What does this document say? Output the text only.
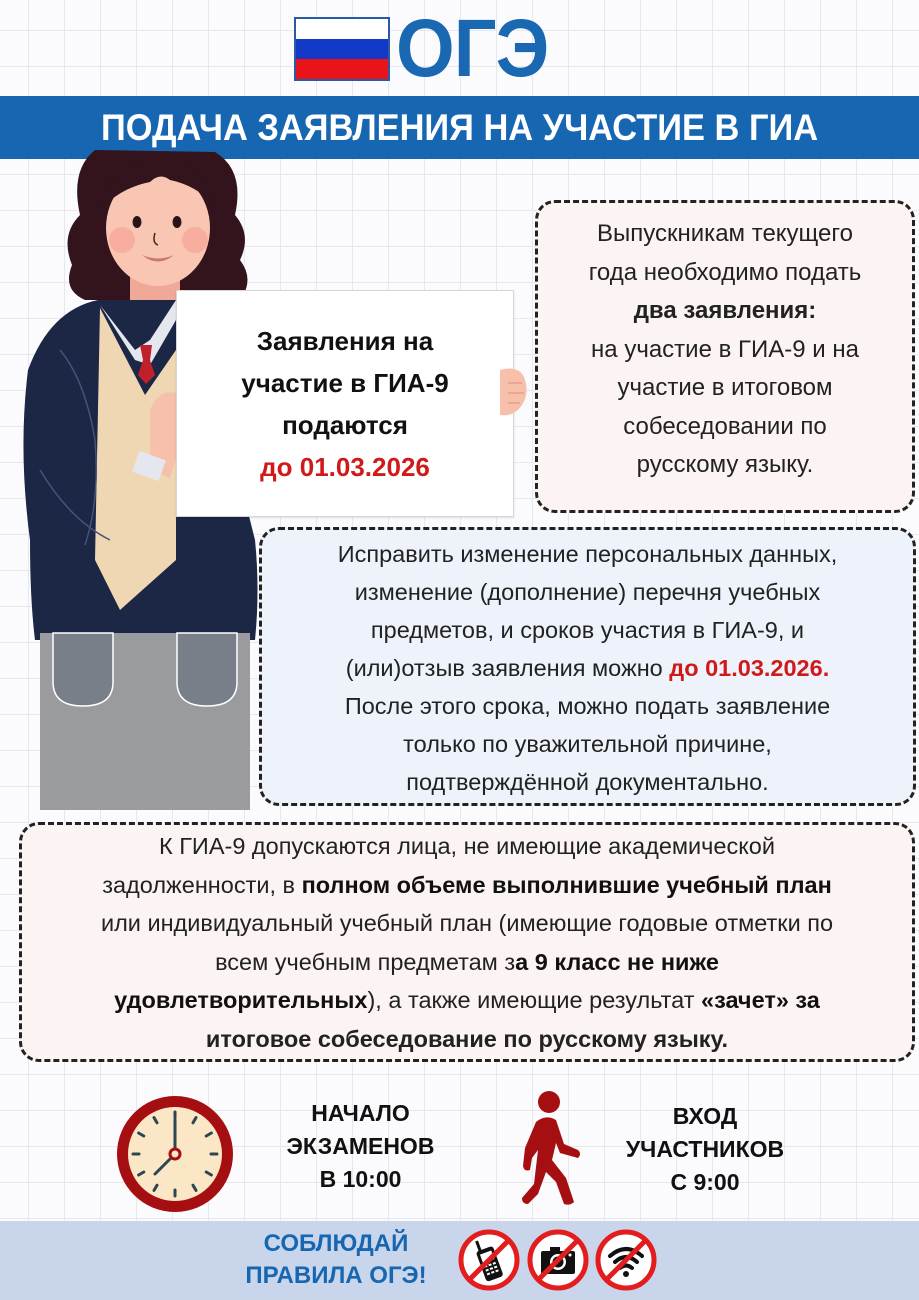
ОГЭ
ПОДАЧА ЗАЯВЛЕНИЯ НА УЧАСТИЕ В ГИА
Заявления на
участие в ГИА-9
подаются
до 01.03.2026

Выпускникам текущего

года необходимо подать

два заявления:

на участие в ГИА-9 и на

участие в итоговом

собеседовании по

русскому языку.

Исправить изменение персональных данных,

изменение (дополнение) перечня учебных

предметов, и сроков участия в ГИА-9, и

(или)отзыв заявления можно до 01.03.2026.

После этого срока, можно подать заявление

только по уважительной причине,

подтверждённой документально.

К ГИА-9 допускаются лица, не имеющие академической

задолженности, в полном объеме выполнившие учебный план

или индивидуальный учебный план (имеющие годовые отметки по

всем учебным предметам за 9 класс не ниже

удовлетворительных), а также имеющие результат «зачет» за

итоговое собеседование по русскому языку.

НАЧАЛО
ЭКЗАМЕНОВ
В 10:00
ВХОД
УЧАСТНИКОВ
С 9:00
СОБЛЮДАЙ
ПРАВИЛА ОГЭ!
